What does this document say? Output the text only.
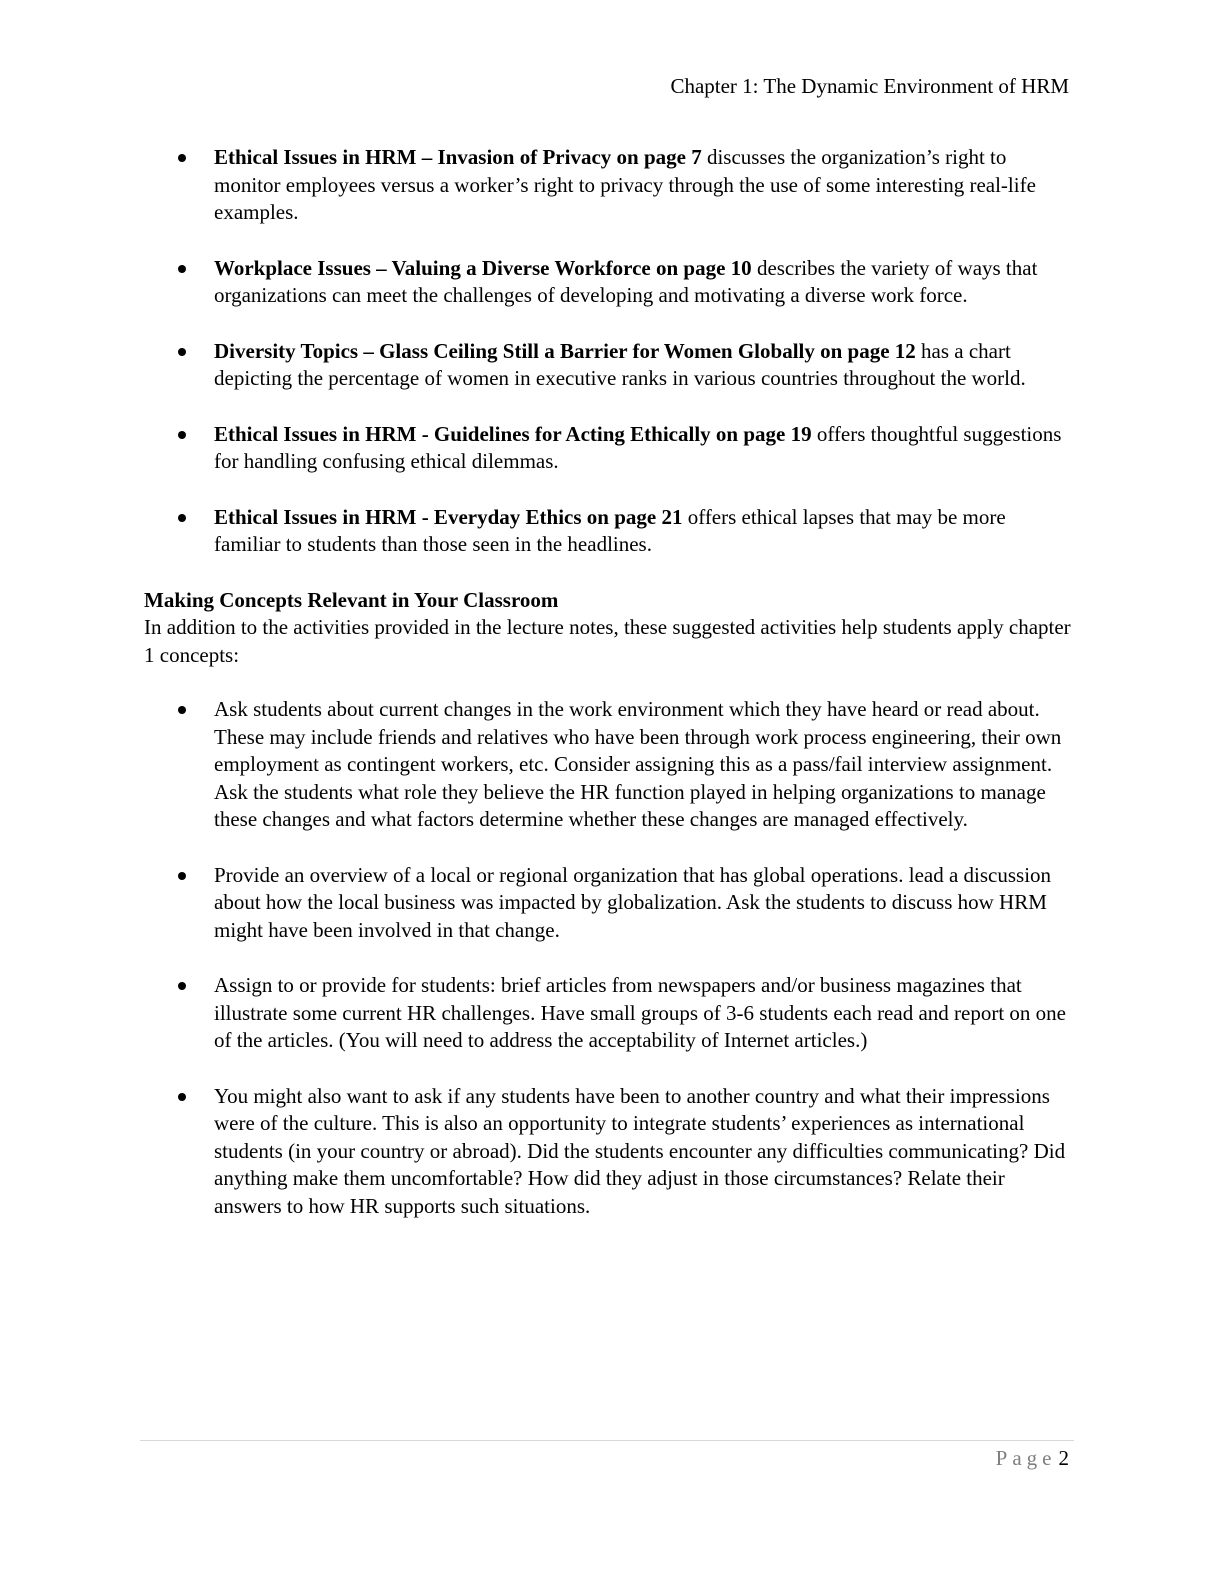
Chapter 1: The Dynamic Environment of HRM
Ethical Issues in HRM – Invasion of Privacy on page 7 discusses the organization’s right to monitor employees versus a worker’s right to privacy through the use of some interesting real-life examples.
Workplace Issues – Valuing a Diverse Workforce on page 10 describes the variety of ways that organizations can meet the challenges of developing and motivating a diverse work force.
Diversity Topics – Glass Ceiling Still a Barrier for Women Globally on page 12 has a chart depicting the percentage of women in executive ranks in various countries throughout the world.
Ethical Issues in HRM - Guidelines for Acting Ethically on page 19 offers thoughtful suggestions for handling confusing ethical dilemmas.
Ethical Issues in HRM - Everyday Ethics on page 21 offers ethical lapses that may be more familiar to students than those seen in the headlines.

Making Concepts Relevant in Your Classroom

In addition to the activities provided in the lecture notes, these suggested activities help students apply chapter 1 concepts:

Ask students about current changes in the work environment which they have heard or read about. These may include friends and relatives who have been through work process engineering, their own employment as contingent workers, etc. Consider assigning this as a pass/fail interview assignment. Ask the students what role they believe the HR function played in helping organizations to manage these changes and what factors determine whether these changes are managed effectively.
Provide an overview of a local or regional organization that has global operations. lead a discussion about how the local business was impacted by globalization. Ask the students to discuss how HRM might have been involved in that change.
Assign to or provide for students: brief articles from newspapers and/or business magazines that illustrate some current HR challenges. Have small groups of 3-6 students each read and report on one of the articles. (You will need to address the acceptability of Internet articles.)
You might also want to ask if any students have been to another country and what their impressions were of the culture. This is also an opportunity to integrate students’ experiences as international students (in your country or abroad). Did the students encounter any difficulties communicating? Did anything make them uncomfortable? How did they adjust in those circumstances? Relate their answers to how HR supports such situations.
Page2
